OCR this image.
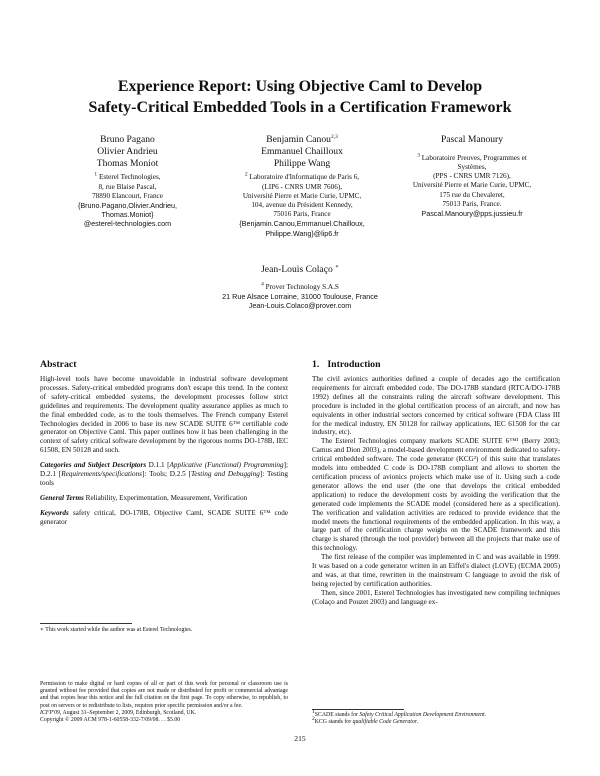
Experience Report: Using Objective Caml to Develop
Safety-Critical Embedded Tools in a Certification Framework
Bruno Pagano
Olivier Andrieu
Thomas Moniot
$^1$ Esterel Technologies,
8, rue Blaise Pascal,
78890 Elancourt, France
{Bruno.Pagano,Olivier.Andrieu,
Thomas.Moniot}
@esterel-technologies.com
Benjamin Canou$^{2,3}$
Emmanuel Chailloux
Philippe Wang
$^2$ Laboratoire d'Informatique de Paris 6,
(LIP6 - CNRS UMR 7606),
Université Pierre et Marie Curie, UPMC,
104, avenue du Président Kennedy,
75016 Paris, France
{Benjamin.Canou,Emmanuel.Chailloux,
Philippe.Wang}@lip6.fr
Pascal Manoury
$^3$ Laboratoire Preuves, Programmes et
Systèmes,
(PPS - CNRS UMR 7126),
Université Pierre et Marie Curie, UPMC,
175 rue du Chevaleret,
75013 Paris, France.
Pascal.Manoury@pps.jussieu.fr
Jean-Louis Colaço ∗
$^4$ Prover Technology S.A.S
21 Rue Alsace Lorraine, 31000 Toulouse, France
Jean-Louis.Colaco@prover.com
Abstract

High-level tools have become unavoidable in industrial software development processes. Safety-critical embedded programs don't escape this trend. In the context of safety-critical embedded systems, the development processes follow strict guidelines and requirements. The development quality assurance applies as much to the final embedded code, as to the tools themselves. The French company Esterel Technologies decided in 2006 to base its new SCADE SUITE 6™ certifiable code generator on Objective Caml. This paper outlines how it has been challenging in the context of safety critical software development by the rigorous norms DO-178B, IEC 61508, EN 50128 and such.

Categories and Subject Descriptors D.1.1 [Applicative (Functional) Programming]; D.2.1 [Requirements/specifications]: Tools; D.2.5 [Testing and Debugging]: Testing tools

General Terms Reliability, Experimentation, Measurement, Verification

Keywords safety critical, DO-178B, Objective Caml, SCADE SUITE 6™ code generator

∗ This work started while the author was at Esterel Technologies.

Permission to make digital or hard copies of all or part of this work for personal or classroom use is granted without fee provided that copies are not made or distributed for profit or commercial advantage and that copies bear this notice and the full citation on the first page. To copy otherwise, to republish, to post on servers or to redistribute to lists, requires prior specific permission and/or a fee.

ICFP'09, August 31–September 2, 2009, Edinburgh, Scotland, UK.

Copyright © 2009 ACM 978-1-60558-332-7/09/08. . . $5.00

1. Introduction

The civil avionics authorities defined a couple of decades ago the certification requirements for aircraft embedded code. The DO-178B standard (RTCA/DO-178B 1992) defines all the constraints ruling the aircraft software development. This procedure is included in the global certification process of an aircraft, and now has equivalents in other industrial sectors concerned by critical software (FDA Class III for the medical industry, EN 50128 for railway applications, IEC 61508 for the car industry, etc).

The Esterel Technologies company markets SCADE SUITE 6™¹ (Berry 2003; Camus and Dion 2003), a model-based development environment dedicated to safety-critical embedded software. The code generator (KCG²) of this suite that translates models into embedded C code is DO-178B compliant and allows to shorten the certification process of avionics projects which make use of it. Using such a code generator allows the end user (the one that develops the critical embedded application) to reduce the development costs by avoiding the verification that the generated code implements the SCADE model (considered here as a specification). The verification and validation activities are reduced to provide evidence that the model meets the functional requirements of the embedded application. In this way, a large part of the certification charge weighs on the SCADE framework and this charge is shared (through the tool provider) between all the projects that make use of this technology.

The first release of the compiler was implemented in C and was available in 1999. It was based on a code generator written in an Eiffel's dialect (LOVE) (ECMA 2005) and was, at that time, rewritten in the mainstream C language to avoid the risk of being rejected by certification authorities.

Then, since 2001, Esterel Technologies has investigated new compiling techniques (Colaço and Pouzet 2003) and language ex-

1SCADE stands for Safety Critical Application Development Environment.

2KCG stands for qualifiable Code Generator.

215
